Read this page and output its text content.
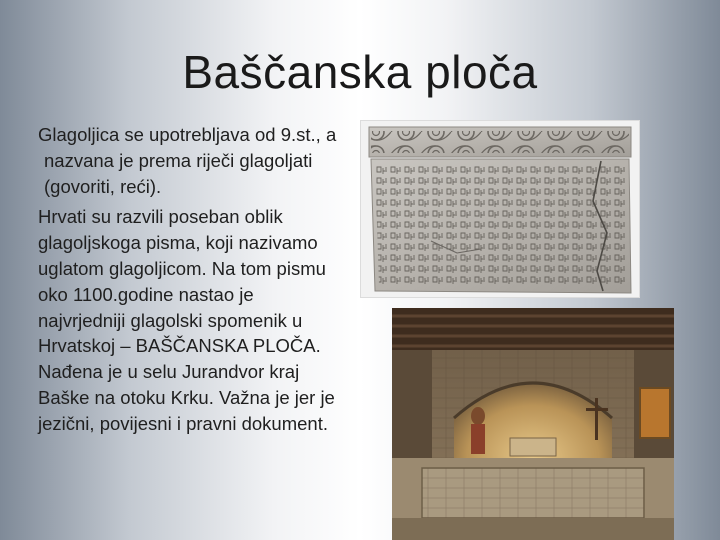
Baščanska ploča

Glagoljica se upotrebljava od 9.st., a nazvana je prema riječi glagoljati (govoriti, reći).

Hrvati su razvili poseban oblik glagoljskoga pisma, koji nazivamo uglatom glagoljicom. Na tom pismu oko 1100.godine nastao je najvrjedniji glagolski spomenik u Hrvatskoj – BAŠČANSKA PLOČA. Nađena je u selu Jurandvor kraj Baške na otoku Krku. Važna je jer je jezični, povijesni i pravni dokument.
